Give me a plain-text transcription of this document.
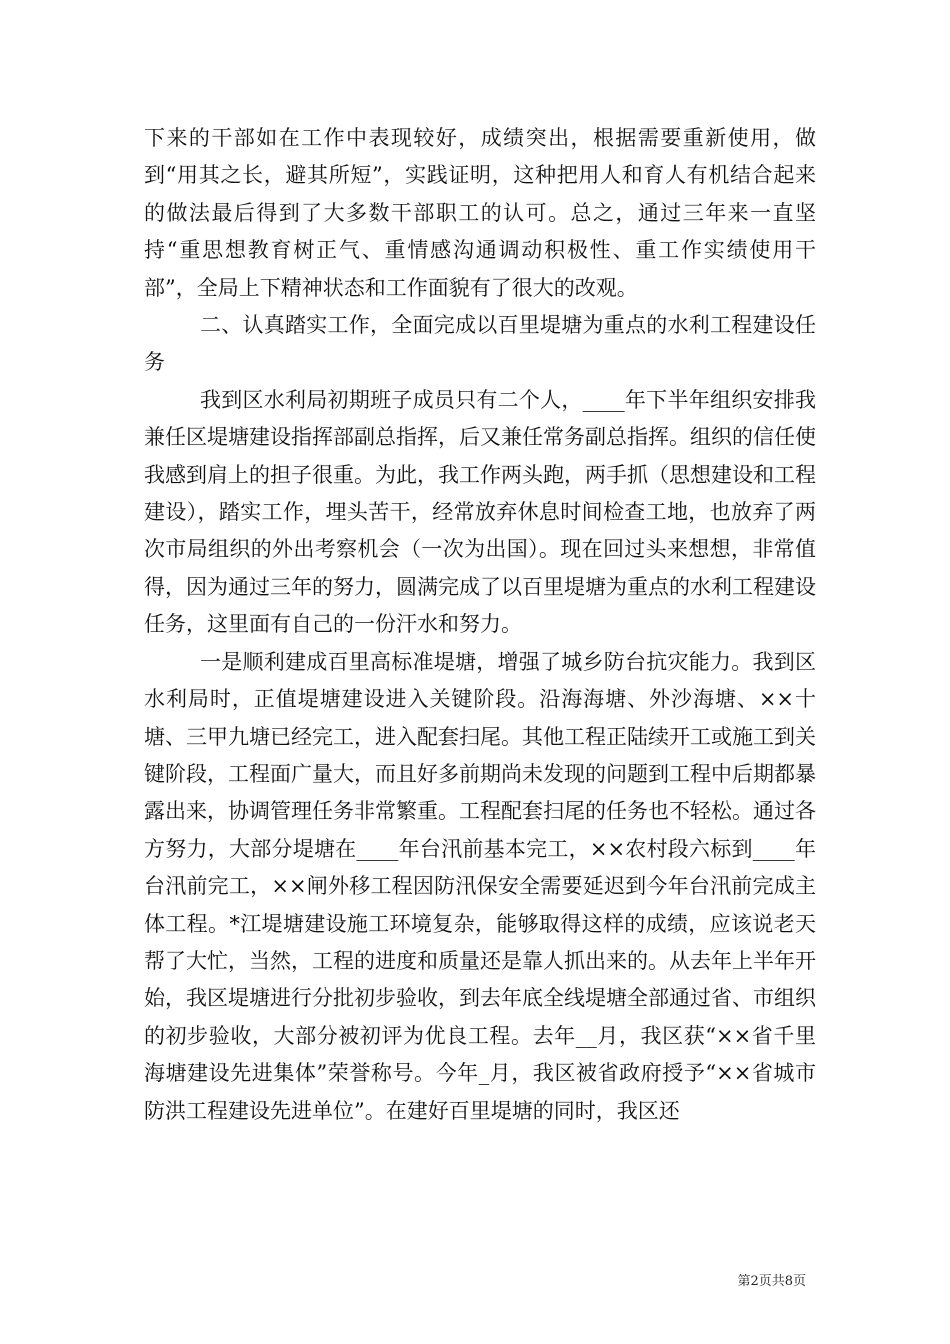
下来的干部如在工作中表现较好，成绩突出，根据需要重新使用，做到“用其之长，避其所短”，实践证明，这种把用人和育人有机结合起来的做法最后得到了大多数干部职工的认可。总之，通过三年来一直坚持“重思想教育树正气、重情感沟通调动积极性、重工作实绩使用干部”，全局上下精神状态和工作面貌有了很大的改观。

二、认真踏实工作，全面完成以百里堤塘为重点的水利工程建设任务

我到区水利局初期班子成员只有二个人，____年下半年组织安排我兼任区堤塘建设指挥部副总指挥，后又兼任常务副总指挥。组织的信任使我感到肩上的担子很重。为此，我工作两头跑，两手抓（思想建设和工程建设），踏实工作，埋头苦干，经常放弃休息时间检查工地，也放弃了两次市局组织的外出考察机会（一次为出国）。现在回过头来想想，非常值得，因为通过三年的努力，圆满完成了以百里堤塘为重点的水利工程建设任务，这里面有自己的一份汗水和努力。

一是顺利建成百里高标准堤塘，增强了城乡防台抗灾能力。我到区水利局时，正值堤塘建设进入关键阶段。沿海海塘、外沙海塘、××十塘、三甲九塘已经完工，进入配套扫尾。其他工程正陆续开工或施工到关键阶段，工程面广量大，而且好多前期尚未发现的问题到工程中后期都暴露出来，协调管理任务非常繁重。工程配套扫尾的任务也不轻松。通过各方努力，大部分堤塘在____年台汛前基本完工，××农村段六标到____年台汛前完工，××闸外移工程因防汛保安全需要延迟到今年台汛前完成主体工程。*江堤塘建设施工环境复杂，能够取得这样的成绩，应该说老天帮了大忙，当然，工程的进度和质量还是靠人抓出来的。从去年上半年开始，我区堤塘进行分批初步验收，到去年底全线堤塘全部通过省、市组织的初步验收，大部分被初评为优良工程。去年__月，我区获“××省千里海塘建设先进集体”荣誉称号。今年_月，我区被省政府授予“××省城市防洪工程建设先进单位”。在建好百里堤塘的同时，我区还

第2页共8页
